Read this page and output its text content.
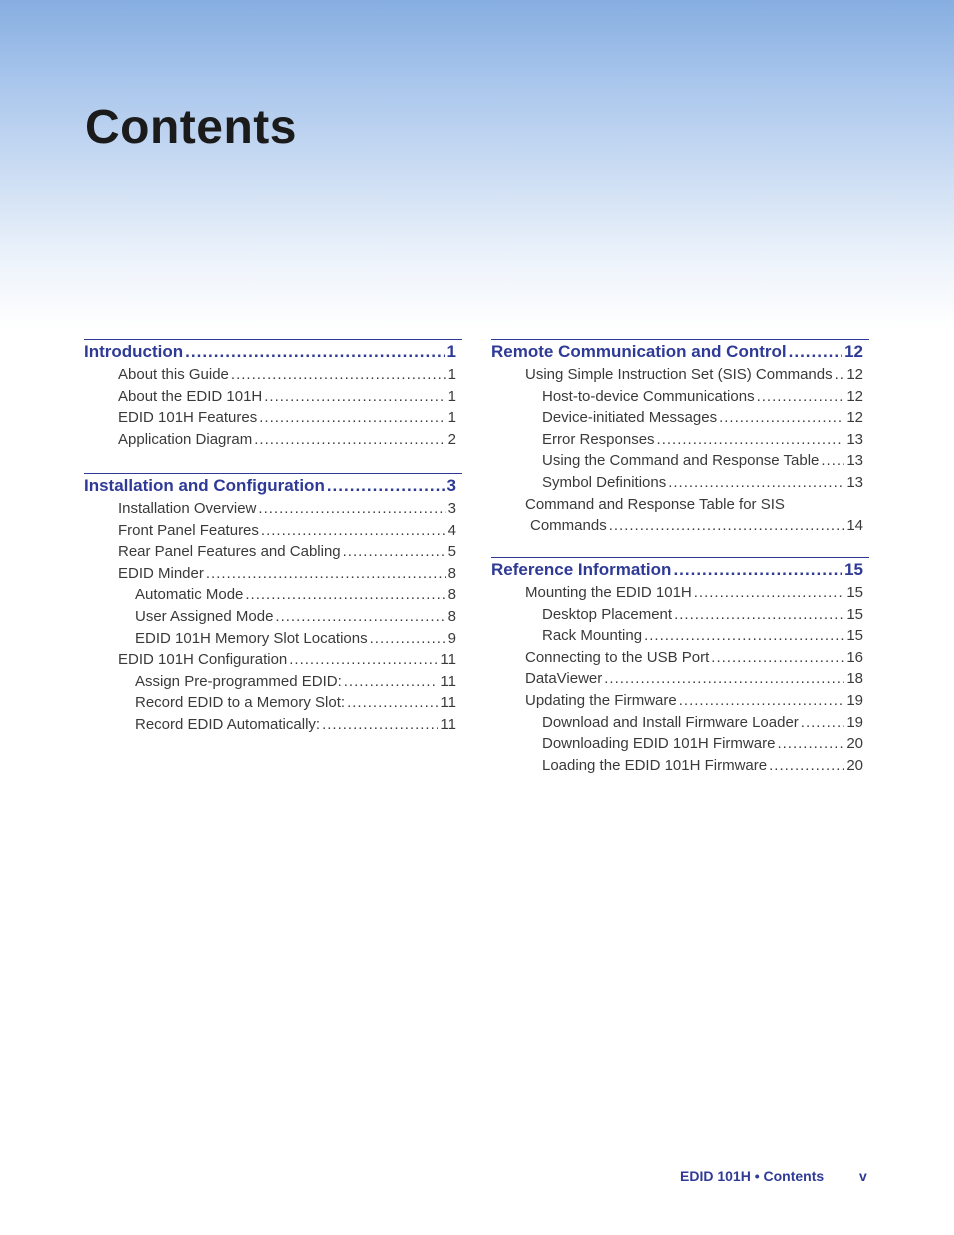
Contents
Introduction .....	1
About this Guide .....	1
About the EDID 101H .....	1
EDID 101H Features .....	1
Application Diagram .....	2
Installation and Configuration .....	3
Installation Overview .....	3
Front Panel Features .....	4
Rear Panel Features and Cabling .....	5
EDID Minder .....	8
Automatic Mode .....	8
User Assigned Mode .....	8
EDID 101H Memory Slot Locations .....	9
EDID 101H Configuration .....	11
Assign Pre-programmed EDID: .....	11
Record EDID to a Memory Slot: .....	11
Record EDID Automatically: .....	11
Remote Communication and Control .....	12
Using Simple Instruction Set (SIS) Commands ..... 12
Host-to-device Communications .....	12
Device-initiated Messages .....	12
Error Responses .....	13
Using the Command and Response Table ..... 13
Symbol Definitions .....	13
Command and Response Table for SIS
Commands .....	14
Reference Information .....	15
Mounting the EDID 101H .....	15
Desktop Placement .....	15
Rack Mounting .....	15
Connecting to the USB Port .....	16
DataViewer .....	18
Updating the Firmware .....	19
Download and Install Firmware Loader .....	19
Downloading EDID 101H Firmware .....	20
Loading the EDID 101H Firmware .....	20
EDID 101H • Contents v
